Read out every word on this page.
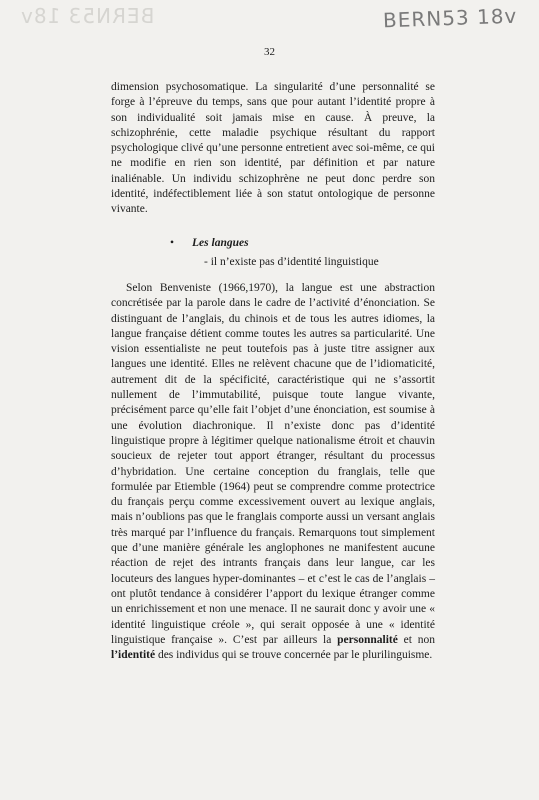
BERN53 18v	BERN53 18v
32

dimension psychosomatique. La singularité d’une personnalité se forge à l’épreuve du temps, sans que pour autant l’identité propre à son individualité soit jamais mise en cause. À preuve, la schizophrénie, cette maladie psychique résultant du rapport psychologique clivé qu’une personne entretient avec soi-même, ce qui ne modifie en rien son identité, par définition et par nature inaliénable. Un individu schizophrène ne peut donc perdre son identité, indéfectiblement liée à son statut ontologique de personne vivante.

• Les langues
- il n’existe pas d’identité linguistique

Selon Benveniste (1966,1970), la langue est une abstraction concrétisée par la parole dans le cadre de l’activité d’énonciation. Se distinguant de l’anglais, du chinois et de tous les autres idiomes, la langue française détient comme toutes les autres sa particularité. Une vision essentialiste ne peut toutefois pas à juste titre assigner aux langues une identité. Elles ne relèvent chacune que de l’idiomaticité, autrement dit de la spécificité, caractéristique qui ne s’assortit nullement de l’immutabilité, puisque toute langue vivante, précisément parce qu’elle fait l’objet d’une énonciation, est soumise à une évolution diachronique. Il n’existe donc pas d’identité linguistique propre à légitimer quelque nationalisme étroit et chauvin soucieux de rejeter tout apport étranger, résultant du processus d’hybridation. Une certaine conception du franglais, telle que formulée par Etiemble (1964) peut se comprendre comme protectrice du français perçu comme excessivement ouvert au lexique anglais, mais n’oublions pas que le franglais comporte aussi un versant anglais très marqué par l’influence du français. Remarquons tout simplement que d’une manière générale les anglophones ne manifestent aucune réaction de rejet des intrants français dans leur langue, car les locuteurs des langues hyper-dominantes – et c’est le cas de l’anglais – ont plutôt tendance à considérer l’apport du lexique étranger comme un enrichissement et non une menace. Il ne saurait donc y avoir une « identité linguistique créole », qui serait opposée à une « identité linguistique française ». C’est par ailleurs la personnalité et non l’identité des individus qui se trouve concernée par le plurilinguisme.
